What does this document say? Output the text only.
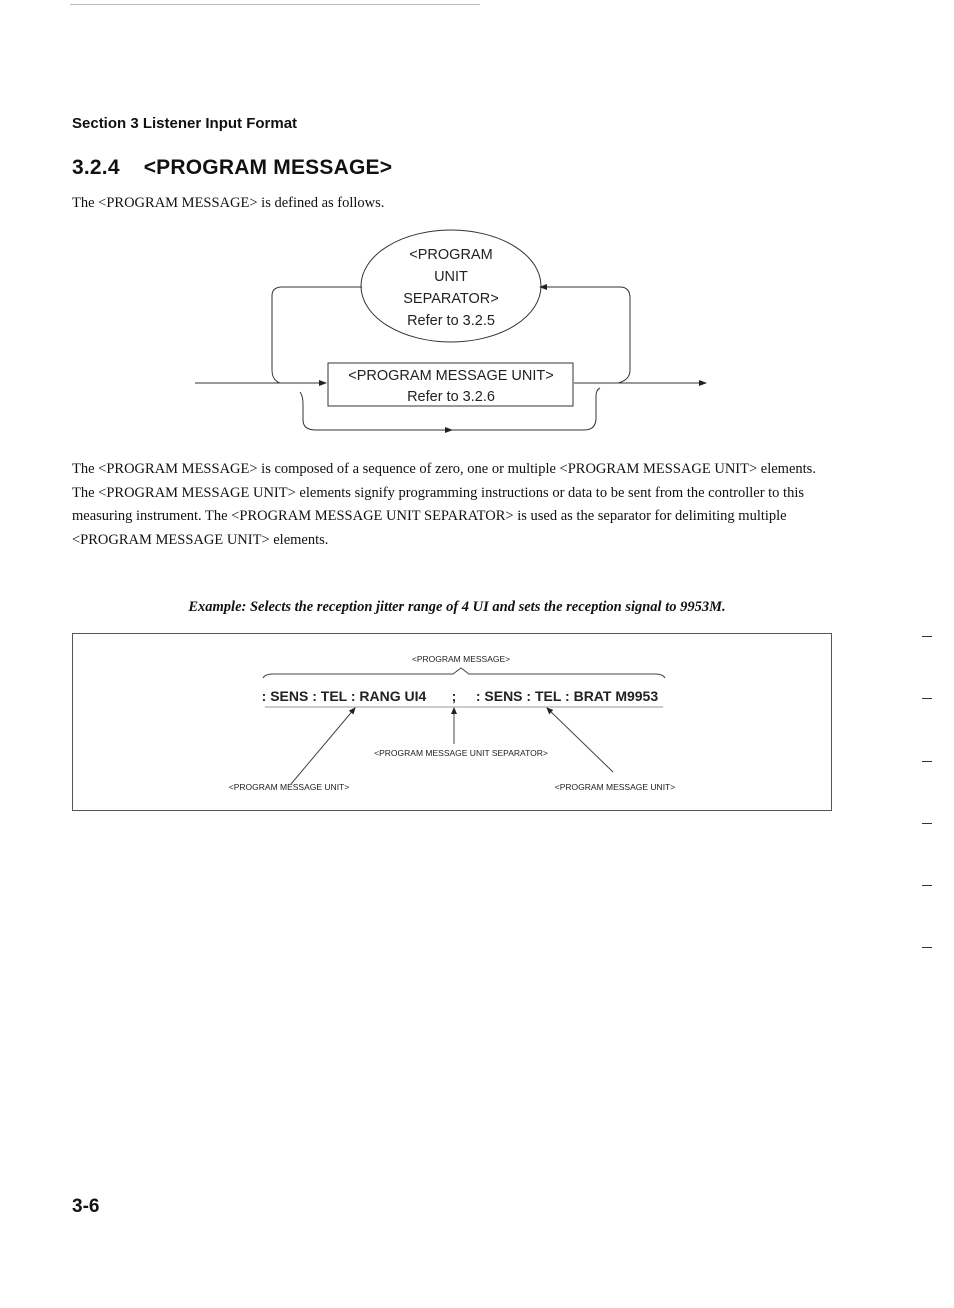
Section 3 Listener Input Format
3.2.4 <PROGRAM MESSAGE>
The <PROGRAM MESSAGE> is defined as follows.
<PROGRAM
UNIT
SEPARATOR>
Refer to 3.2.5
<PROGRAM MESSAGE UNIT>
Refer to 3.2.6

The <PROGRAM MESSAGE> is composed of a sequence of zero, one or multiple <PROGRAM MESSAGE UNIT> elements.

The <PROGRAM MESSAGE UNIT> elements signify programming instructions or data to be sent from the controller to this measuring instrument. The <PROGRAM MESSAGE UNIT SEPARATOR> is used as the separator for delimiting multiple <PROGRAM MESSAGE UNIT> elements.

Example: Selects the reception jitter range of 4 UI and sets the reception signal to 9953M.
<PROGRAM MESSAGE>
: SENS : TEL : RANG UI4 ; : SENS : TEL : BRAT M9953
<PROGRAM MESSAGE UNIT SEPARATOR>
<PROGRAM MESSAGE UNIT>	<PROGRAM MESSAGE UNIT>
3-6
